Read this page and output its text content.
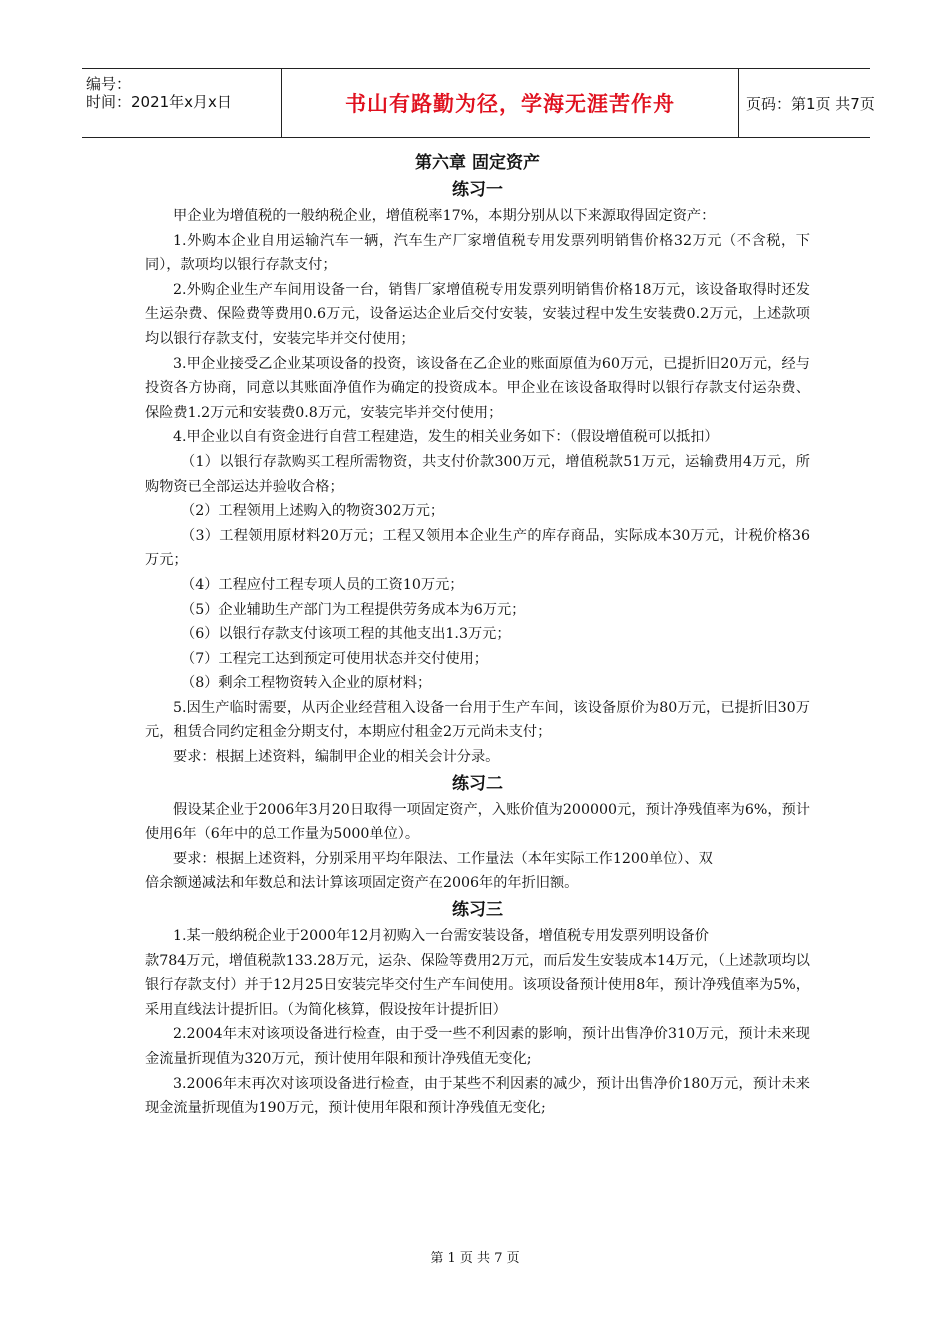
编号：
时间：2021年x月x日	书山有路勤为径，学海无涯苦作舟	页码：第1页 共7页
第六章 固定资产
练习一

甲企业为增值税的一般纳税企业，增值税率17%，本期分别从以下来源取得固定资产：

1.外购本企业自用运输汽车一辆，汽车生产厂家增值税专用发票列明销售价格32万元（不含税，下同），款项均以银行存款支付；

2.外购企业生产车间用设备一台，销售厂家增值税专用发票列明销售价格18万元，该设备取得时还发生运杂费、保险费等费用0.6万元，设备运达企业后交付安装，安装过程中发生安装费0.2万元，上述款项均以银行存款支付，安装完毕并交付使用；

3.甲企业接受乙企业某项设备的投资，该设备在乙企业的账面原值为60万元，已提折旧20万元，经与投资各方协商，同意以其账面净值作为确定的投资成本。甲企业在该设备取得时以银行存款支付运杂费、保险费1.2万元和安装费0.8万元，安装完毕并交付使用；

4.甲企业以自有资金进行自营工程建造，发生的相关业务如下：（假设增值税可以抵扣）

（1）以银行存款购买工程所需物资，共支付价款300万元，增值税款51万元，运输费用4万元，所购物资已全部运达并验收合格；

（2）工程领用上述购入的物资302万元；

（3）工程领用原材料20万元；工程又领用本企业生产的库存商品，实际成本30万元，计税价格36万元；

（4）工程应付工程专项人员的工资10万元；

（5）企业辅助生产部门为工程提供劳务成本为6万元；

（6）以银行存款支付该项工程的其他支出1.3万元；

（7）工程完工达到预定可使用状态并交付使用；

（8）剩余工程物资转入企业的原材料；

5.因生产临时需要，从丙企业经营租入设备一台用于生产车间，该设备原价为80万元，已提折旧30万元，租赁合同约定租金分期支付，本期应付租金2万元尚未支付；

要求：根据上述资料，编制甲企业的相关会计分录。

练习二

假设某企业于2006年3月20日取得一项固定资产，入账价值为200000元，预计净残值率为6%，预计使用6年（6年中的总工作量为5000单位）。

要求：根据上述资料，分别采用平均年限法、工作量法（本年实际工作1200单位）、双

倍余额递减法和年数总和法计算该项固定资产在2006年的年折旧额。

练习三

1.某一般纳税企业于2000年12月初购入一台需安装设备，增值税专用发票列明设备价

款784万元，增值税款133.28万元，运杂、保险等费用2万元，而后发生安装成本14万元，（上述款项均以银行存款支付）并于12月25日安装完毕交付生产车间使用。该项设备预计使用8年，预计净残值率为5%，采用直线法计提折旧。（为简化核算，假设按年计提折旧）

2.2004年末对该项设备进行检查，由于受一些不利因素的影响，预计出售净价310万元，预计未来现金流量折现值为320万元，预计使用年限和预计净残值无变化;

3.2006年末再次对该项设备进行检查，由于某些不利因素的减少，预计出售净价180万元，预计未来现金流量折现值为190万元，预计使用年限和预计净残值无变化;

第 1 页 共 7 页
